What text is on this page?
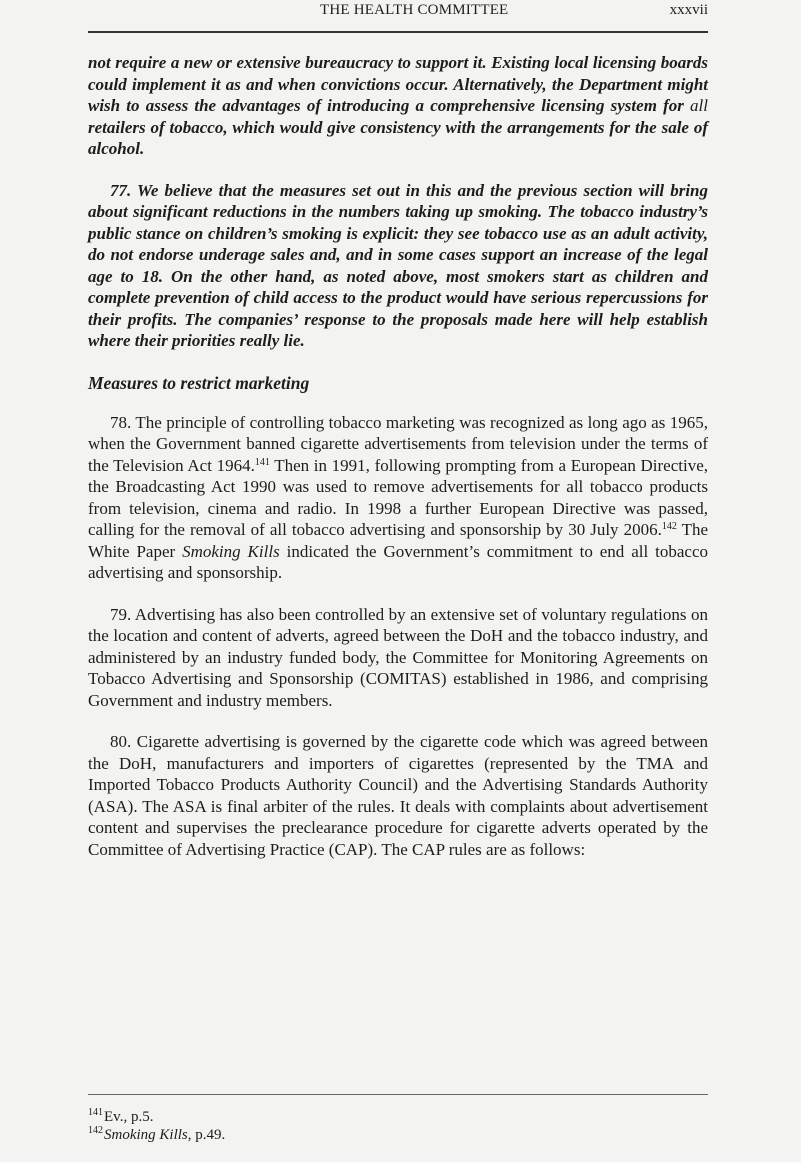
THE HEALTH COMMITTEE	xxxvii

not require a new or extensive bureaucracy to support it. Existing local licensing boards could implement it as and when convictions occur. Alternatively, the Department might wish to assess the advantages of introducing a comprehensive licensing system for all retailers of tobacco, which would give consistency with the arrangements for the sale of alcohol.

77. We believe that the measures set out in this and the previous section will bring about significant reductions in the numbers taking up smoking. The tobacco industry’s public stance on children’s smoking is explicit: they see tobacco use as an adult activity, do not endorse underage sales and, and in some cases support an increase of the legal age to 18. On the other hand, as noted above, most smokers start as children and complete prevention of child access to the product would have serious repercussions for their profits. The companies’ response to the proposals made here will help establish where their priorities really lie.

Measures to restrict marketing

78. The principle of controlling tobacco marketing was recognized as long ago as 1965, when the Government banned cigarette advertisements from television under the terms of the Television Act 1964.$^{141}$ Then in 1991, following prompting from a European Directive, the Broadcasting Act 1990 was used to remove advertisements for all tobacco products from television, cinema and radio. In 1998 a further European Directive was passed, calling for the removal of all tobacco advertising and sponsorship by 30 July 2006.$^{142}$ The White Paper Smoking Kills indicated the Government’s commitment to end all tobacco advertising and sponsorship.

79. Advertising has also been controlled by an extensive set of voluntary regulations on the location and content of adverts, agreed between the DoH and the tobacco industry, and administered by an industry funded body, the Committee for Monitoring Agreements on Tobacco Advertising and Sponsorship (COMITAS) established in 1986, and comprising Government and industry members.

80. Cigarette advertising is governed by the cigarette code which was agreed between the DoH, manufacturers and importers of cigarettes (represented by the TMA and Imported Tobacco Products Authority Council) and the Advertising Standards Authority (ASA). The ASA is final arbiter of the rules. It deals with complaints about advertisement content and supervises the preclearance procedure for cigarette adverts operated by the Committee of Advertising Practice (CAP). The CAP rules are as follows:

$^{141}$Ev., p.5.

$^{142}$Smoking Kills, p.49.
